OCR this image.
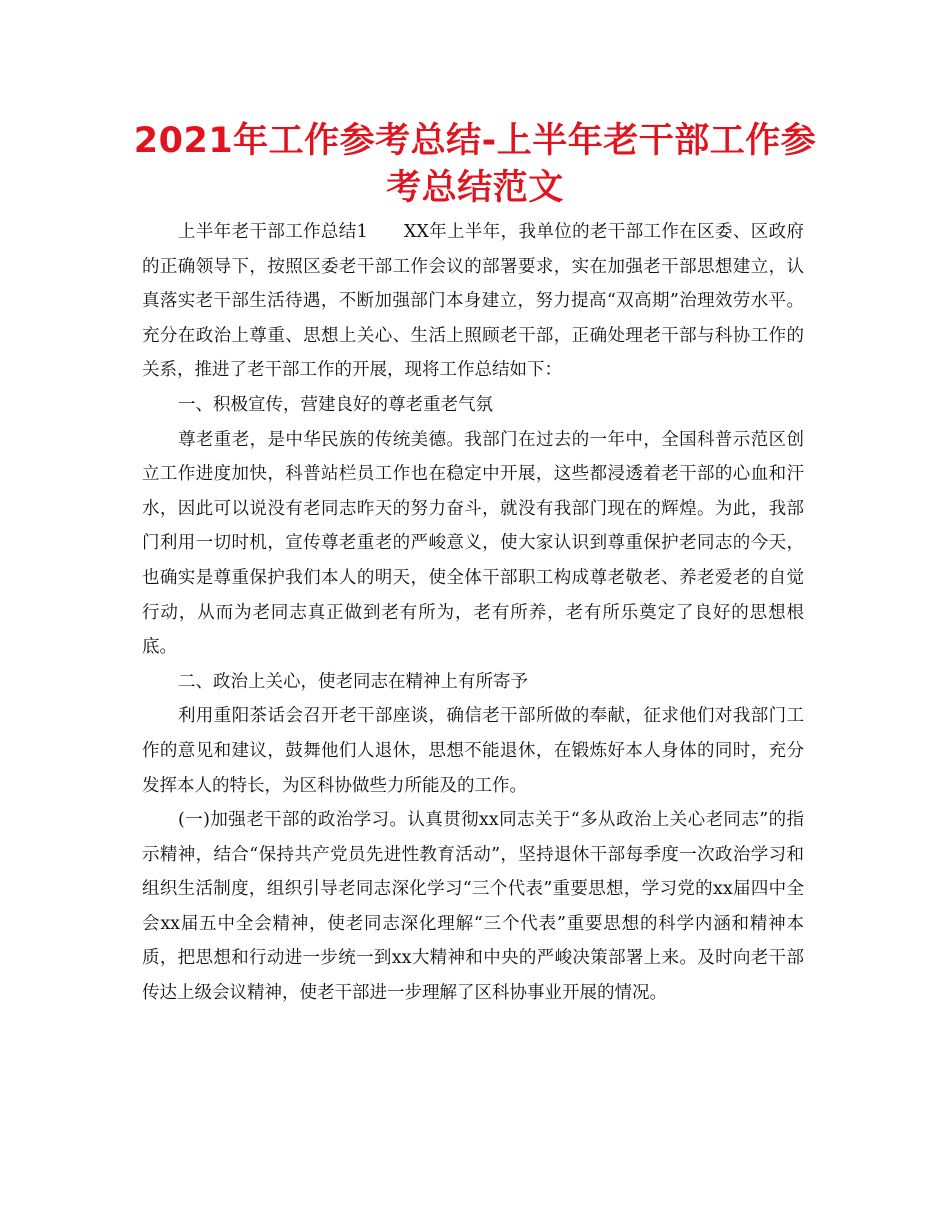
2021年工作参考总结-上半年老干部工作参考总结范文

上半年老干部工作总结1　　XX年上半年，我单位的老干部工作在区委、区政府的正确领导下，按照区委老干部工作会议的部署要求，实在加强老干部思想建立，认真落实老干部生活待遇，不断加强部门本身建立，努力提高“双高期”治理效劳水平。充分在政治上尊重、思想上关心、生活上照顾老干部，正确处理老干部与科协工作的关系，推进了老干部工作的开展，现将工作总结如下：

一、积极宣传，营建良好的尊老重老气氛

尊老重老，是中华民族的传统美德。我部门在过去的一年中，全国科普示范区创立工作进度加快，科普站栏员工作也在稳定中开展，这些都浸透着老干部的心血和汗水，因此可以说没有老同志昨天的努力奋斗，就没有我部门现在的辉煌。为此，我部门利用一切时机，宣传尊老重老的严峻意义，使大家认识到尊重保护老同志的今天，也确实是尊重保护我们本人的明天，使全体干部职工构成尊老敬老、养老爱老的自觉行动，从而为老同志真正做到老有所为，老有所养，老有所乐奠定了良好的思想根底。

二、政治上关心，使老同志在精神上有所寄予

利用重阳茶话会召开老干部座谈，确信老干部所做的奉献，征求他们对我部门工作的意见和建议，鼓舞他们人退休，思想不能退休，在锻炼好本人身体的同时，充分发挥本人的特长，为区科协做些力所能及的工作。

(一)加强老干部的政治学习。认真贯彻xx同志关于“多从政治上关心老同志”的指示精神，结合“保持共产党员先进性教育活动”，坚持退休干部每季度一次政治学习和组织生活制度，组织引导老同志深化学习“三个代表”重要思想，学习党的xx届四中全会xx届五中全会精神，使老同志深化理解“三个代表”重要思想的科学内涵和精神本质，把思想和行动进一步统一到xx大精神和中央的严峻决策部署上来。及时向老干部传达上级会议精神，使老干部进一步理解了区科协事业开展的情况。
